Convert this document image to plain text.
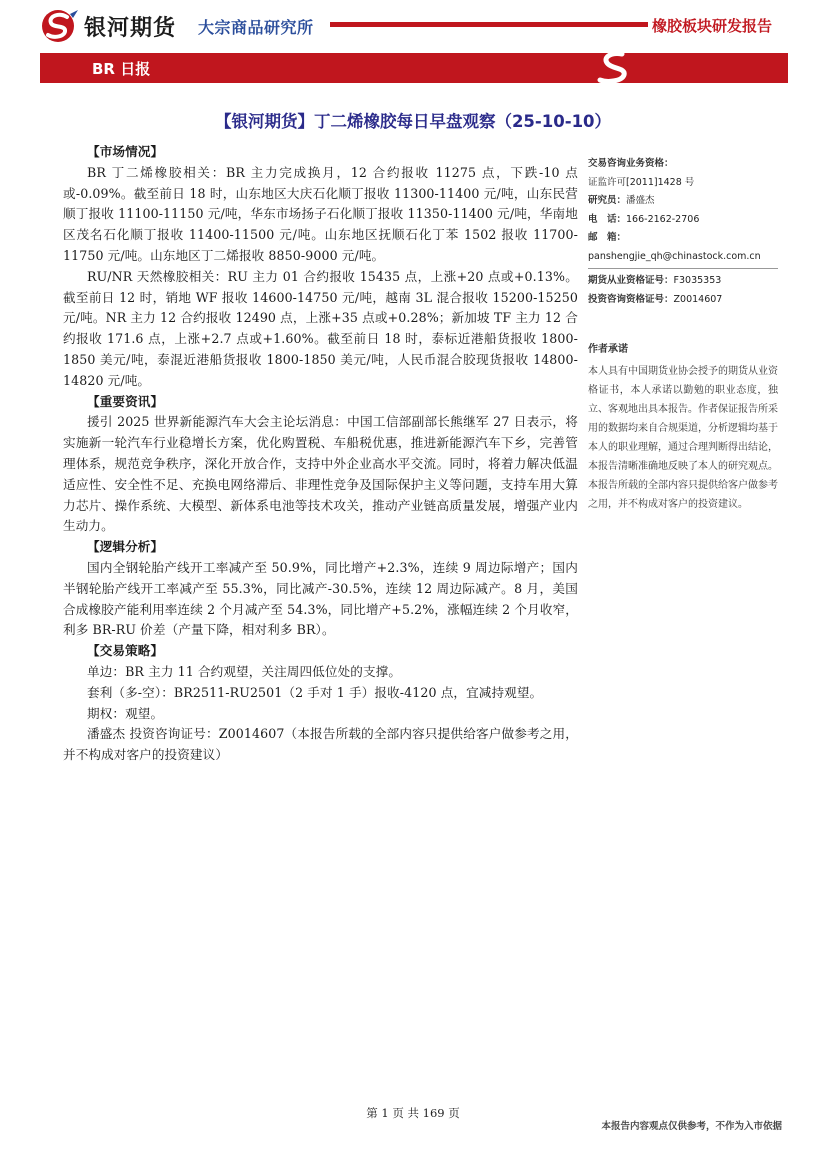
银河期货 大宗商品研究所	橡胶板块研发报告
BR 日报
【银河期货】丁二烯橡胶每日早盘观察（25-10-10）

【市场情况】

BR 丁二烯橡胶相关：BR 主力完成换月，12 合约报收 11275 点，下跌-10 点或-0.09%。截至前日 18 时，山东地区大庆石化顺丁报收 11300-11400 元/吨，山东民营顺丁报收 11100-11150 元/吨，华东市场扬子石化顺丁报收 11350-11400 元/吨，华南地区茂名石化顺丁报收 11400-11500 元/吨。山东地区抚顺石化丁苯 1502 报收 11700-11750 元/吨。山东地区丁二烯报收 8850-9000 元/吨。

RU/NR 天然橡胶相关：RU 主力 01 合约报收 15435 点，上涨+20 点或+0.13%。截至前日 12 时，销地 WF 报收 14600-14750 元/吨，越南 3L 混合报收 15200-15250 元/吨。NR 主力 12 合约报收 12490 点，上涨+35 点或+0.28%；新加坡 TF 主力 12 合约报收 171.6 点，上涨+2.7 点或+1.60%。截至前日 18 时，泰标近港船货报收 1800-1850 美元/吨，泰混近港船货报收 1800-1850 美元/吨，人民币混合胶现货报收 14800-14820 元/吨。

【重要资讯】

援引 2025 世界新能源汽车大会主论坛消息：中国工信部副部长熊继军 27 日表示，将实施新一轮汽车行业稳增长方案，优化购置税、车船税优惠，推进新能源汽车下乡，完善管理体系，规范竞争秩序，深化开放合作，支持中外企业高水平交流。同时，将着力解决低温适应性、安全性不足、充换电网络滞后、非理性竞争及国际保护主义等问题，支持车用大算力芯片、操作系统、大模型、新体系电池等技术攻关，推动产业链高质量发展，增强产业内生动力。

【逻辑分析】

国内全钢轮胎产线开工率减产至 50.9%，同比增产+2.3%，连续 9 周边际增产；国内半钢轮胎产线开工率减产至 55.3%，同比减产-30.5%，连续 12 周边际减产。8 月，美国合成橡胶产能利用率连续 2 个月减产至 54.3%，同比增产+5.2%，涨幅连续 2 个月收窄，利多 BR-RU 价差（产量下降，相对利多 BR）。

【交易策略】

单边：BR 主力 11 合约观望，关注周四低位处的支撑。

套利（多-空）：BR2511-RU2501（2 手对 1 手）报收-4120 点，宜减持观望。

期权：观望。

潘盛杰 投资咨询证号：Z0014607（本报告所载的全部内容只提供给客户做参考之用，并不构成对客户的投资建议）

交易咨询业务资格：
证监许可[2011]1428 号
研究员：潘盛杰
电　话：166-2162-2706
邮　箱：
panshengjie_qh@chinastock.com.cn
期货从业资格证号：F3035353
投资咨询资格证号：Z0014607
作者承诺
本人具有中国期货业协会授予的期货从业资格证书，本人承诺以勤勉的职业态度，独立、客观地出具本报告。作者保证报告所采用的数据均来自合规渠道，分析逻辑均基于本人的职业理解，通过合理判断得出结论，本报告清晰准确地反映了本人的研究观点。本报告所载的全部内容只提供给客户做参考之用，并不构成对客户的投资建议。
第 1 页 共 169 页
本报告内容观点仅供参考，不作为入市依据
